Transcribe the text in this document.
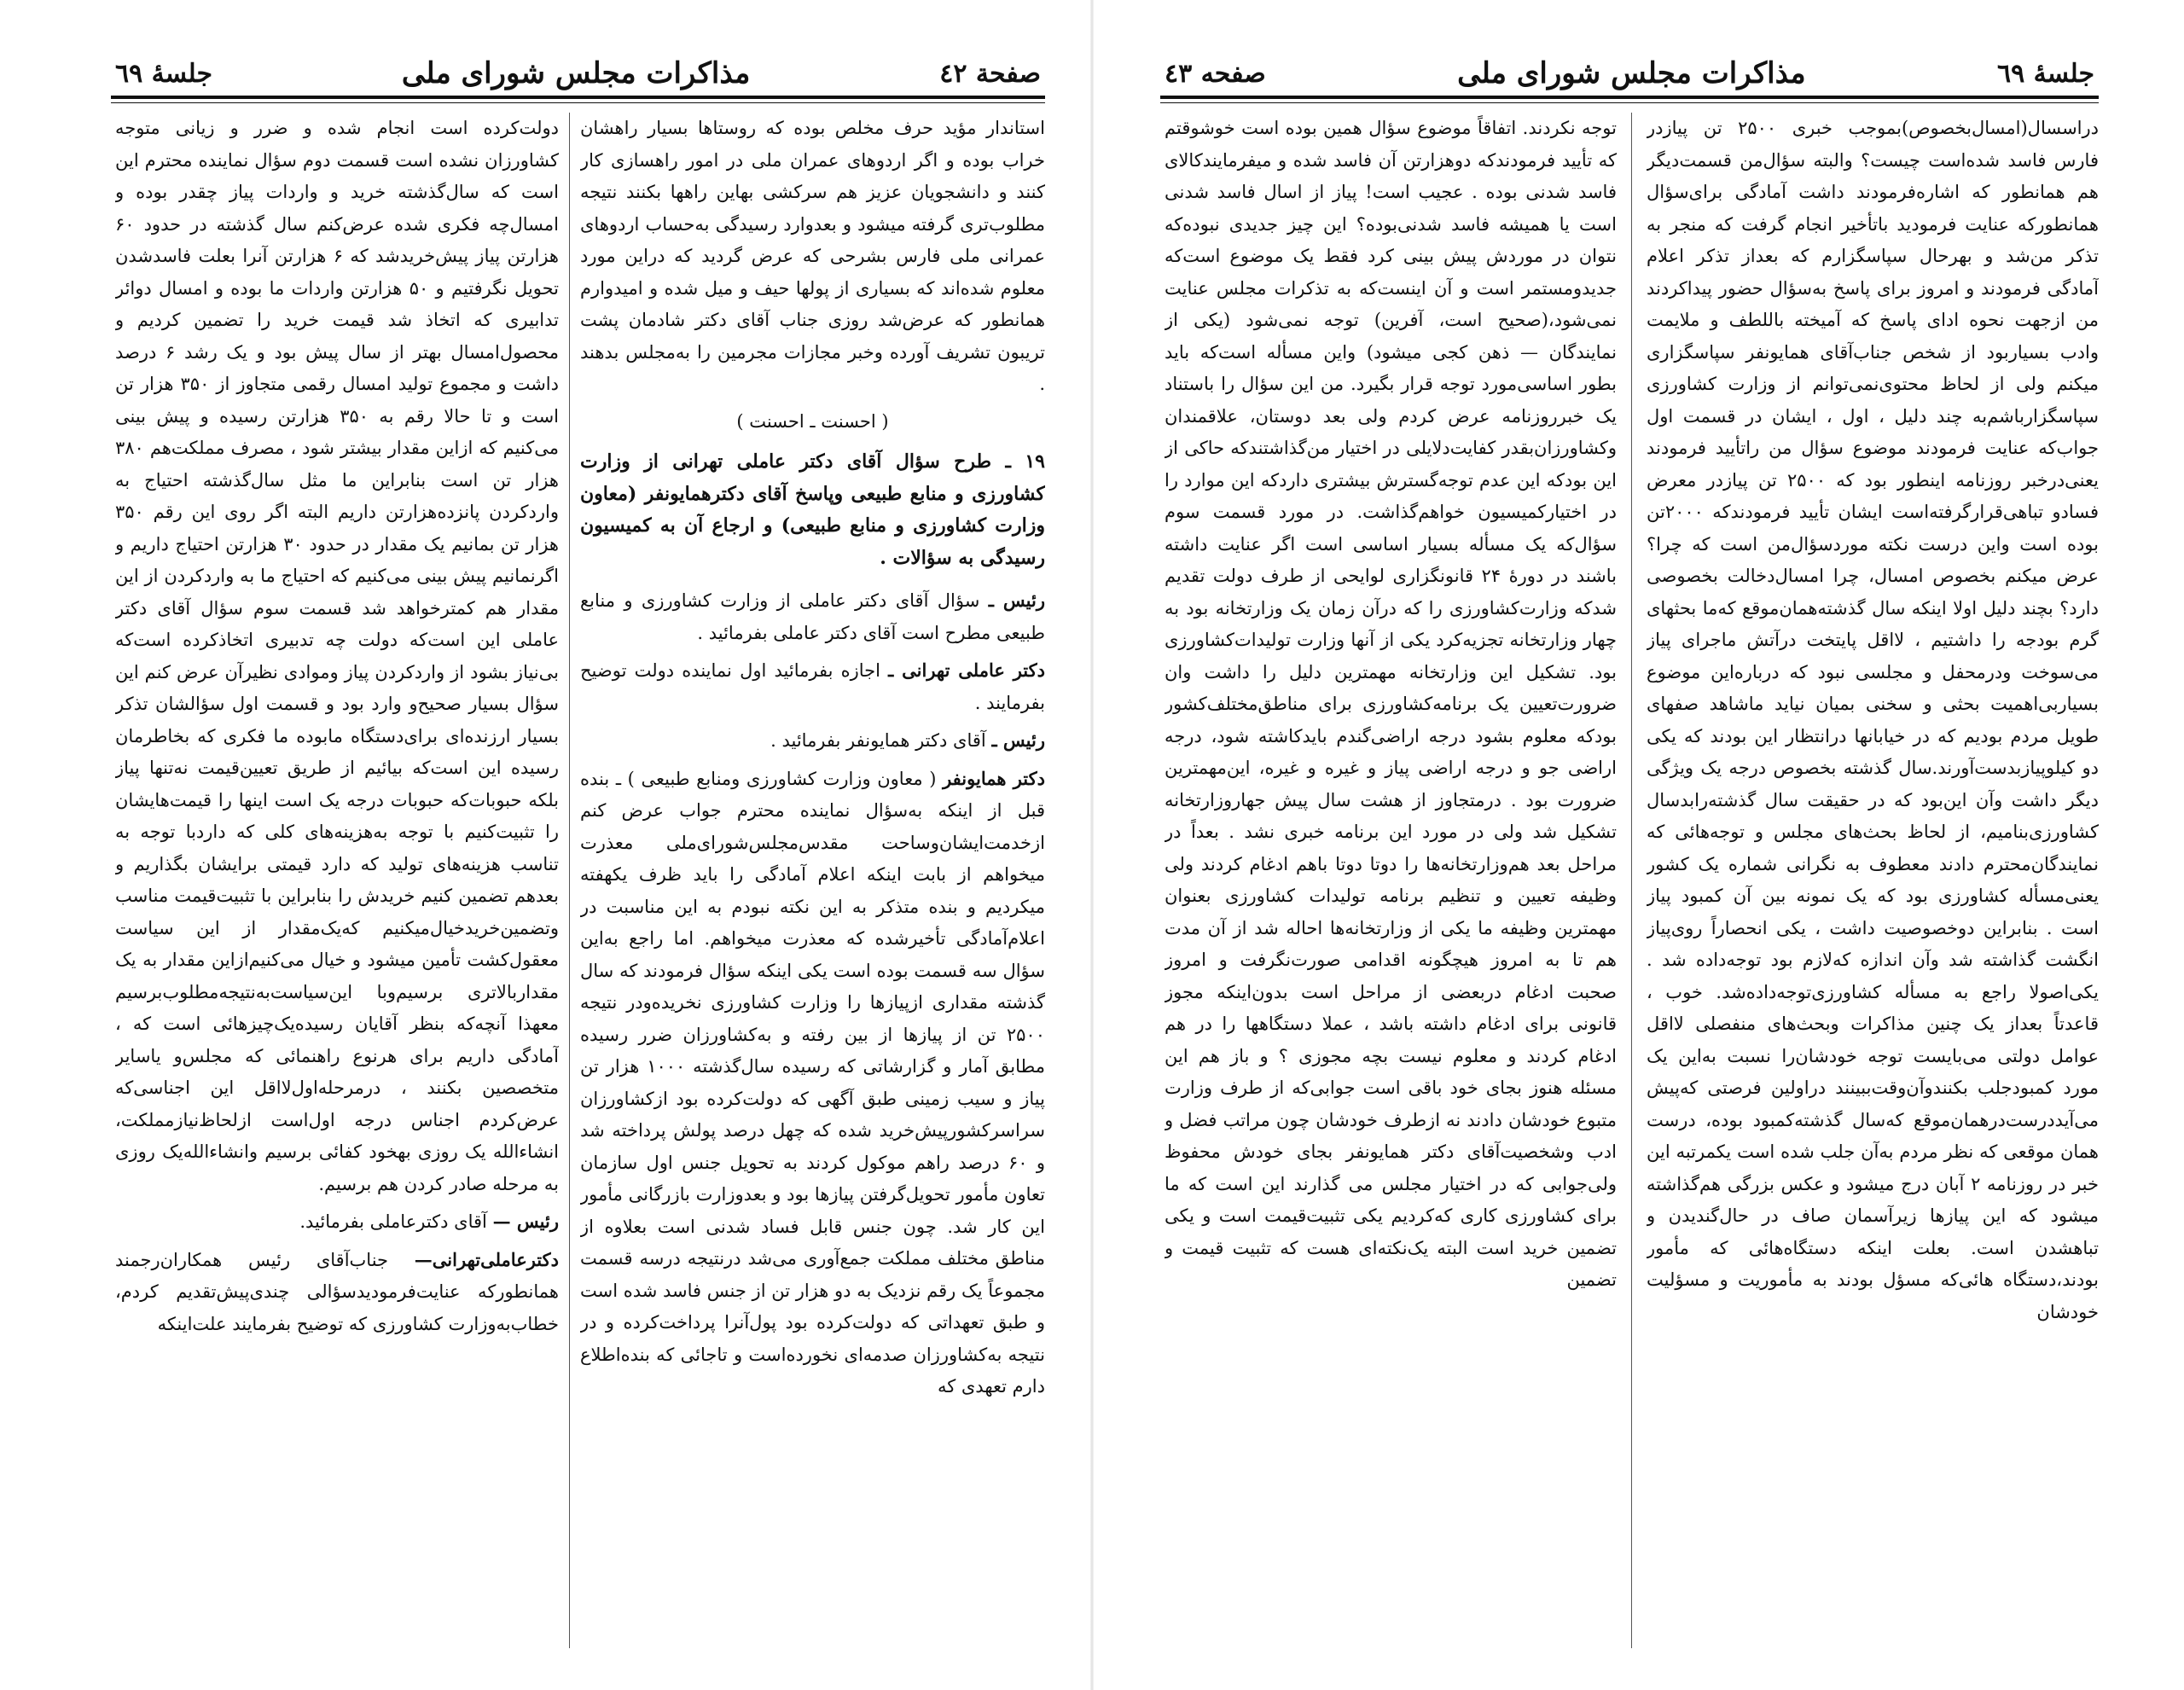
صفحة ٤٢
مذاکرات مجلس شورای ملی
جلسهٔ ٦٩

استاندار مؤید حرف مخلص بوده که روستاها بسیار راهشان خراب بوده و اگر اردوهای عمران ملی در امور راهسازی کار کنند و دانشجویان عزیز هم سرکشی بهاین راهها بکنند نتیجه مطلوب‌تری گرفته میشود و بعدوارد رسیدگی به‌حساب اردوهای عمرانی ملی فارس بشرحی که عرض گردید که دراین مورد معلوم شده‌اند که بسیاری از پولها حیف و میل شده و امیدوارم همانطور که عرض‌شد روزی جناب آقای دکتر شادمان پشت تریبون تشریف آورده وخبر مجازات مجرمین را به‌مجلس بدهند .

( احسنت ـ احسنت )

۱۹ ـ طرح سؤال آقای دکتر عاملی تهرانی از وزارت کشاورزی و منابع طبیعی وپاسخ آقای دکترهمایونفر (معاون وزارت کشاورزی و منابع طبیعی) و ارجاع آن به کمیسیون رسیدگی به سؤالات .

رئیس ـ سؤال آقای دکتر عاملی از وزارت کشاورزی و منابع طبیعی مطرح است آقای دکتر عاملی بفرمائید .

دکتر عاملی تهرانی ـ اجازه بفرمائید اول نماینده دولت توضیح بفرمایند .

رئیس ـ آقای دکتر همایونفر بفرمائید .

دکتر همایونفر ( معاون وزارت کشاورزی ومنابع طبیعی ) ـ بنده قبل از اینکه به‌سؤال نماینده محترم جواب عرض کنم ازخدمت‌ایشان‌وساحت مقدس‌مجلس‌شورای‌ملی معذرت میخواهم از بابت اینکه اعلام آمادگی را باید ظرف یکهفته میکردیم و بنده متذکر به این نکته نبودم به این مناسبت در اعلام‌آمادگی تأخیرشده که معذرت میخواهم. اما راجع به‌این سؤال سه قسمت بوده است یکی اینکه سؤال فرمودند که سال گذشته مقداری ازپیازها را وزارت کشاورزی نخریده‌ودر نتیجه ۲۵۰۰ تن از پیازها از بین رفته و به‌کشاورزان ضرر رسیده مطابق آمار و گزارشاتی که رسیده سال‌گذشته ۱۰۰۰ هزار تن پیاز و سیب زمینی طبق آگهی که دولت‌کرده بود ازکشاورزان سراسرکشورپیش‌خرید شده که چهل درصد پولش پرداخته شد و ۶۰ درصد راهم موکول کردند به تحویل جنس اول سازمان تعاون مأمور تحویل‌گرفتن پیازها بود و بعدوزارت بازرگانی مأمور این کار شد. چون جنس قابل فساد شدنی است بعلاوه از مناطق مختلف مملکت جمع‌آوری می‌شد درنتیجه درسه قسمت مجموعاً یک رقم نزدیک به دو هزار تن از جنس فاسد شده است و طبق تعهداتی که دولت‌کرده بود پول‌آنرا پرداخت‌کرده و در نتیجه به‌کشاورزان صدمه‌ای نخورده‌است و تاجائی که بنده‌اطلاع دارم تعهدی که

دولت‌کرده است انجام شده و ضرر و زیانی متوجه کشاورزان نشده است قسمت دوم سؤال نماینده محترم این است که سال‌گذشته خرید و واردات پیاز چقدر بوده و امسال‌چه فکری شده عرض‌کنم سال گذشته در حدود ۶۰ هزارتن پیاز پیش‌خرید‌شد که ۶ هزارتن آنرا بعلت فاسدشدن تحویل نگرفتیم و ۵۰ هزارتن واردات ما بوده و امسال دوائر تدابیری که اتخاذ شد قیمت خرید را تضمین کردیم و محصول‌امسال بهتر از سال پیش بود و یک رشد ۶ درصد داشت و مجموع تولید امسال رقمی متجاوز از ۳۵۰ هزار تن است و تا حالا رقم به ۳۵۰ هزارتن رسیده و پیش بینی می‌کنیم که ازاین مقدار بیشتر شود ، مصرف مملکت‌هم ۳۸۰ هزار تن است بنابراین ما مثل سال‌گذشته احتیاج به واردکردن پانزده‌هزارتن داریم البته اگر روی این رقم ۳۵۰ هزار تن بمانیم یک مقدار در حدود ۳۰ هزارتن احتیاج داریم و اگرنمانیم پیش بینی می‌کنیم که احتیاج ما به واردکردن از این مقدار هم کمترخواهد شد قسمت سوم سؤال آقای دکتر عاملی این است‌که دولت چه تدبیری اتخاذ‌کرده است‌که بی‌نیاز بشود از واردکردن پیاز وموادی نظیرآن عرض کنم این سؤال بسیار صحیح‌و وارد بود و قسمت اول سؤالشان تذکر بسیار ارزنده‌ای برای‌دستگاه مابوده ما فکری که بخاطرمان رسیده این است‌که بیائیم از طریق تعیین‌قیمت نه‌تنها پیاز بلکه حبوبات‌که حبوبات درجه یک است اینها را قیمت‌هایشان را تثبیت‌کنیم با توجه به‌هزینه‌های کلی که داردبا توجه به تناسب هزینه‌های تولید که دارد قیمتی برایشان بگذاریم و بعدهم تضمین کنیم خریدش را بنابراین با تثبیت‌قیمت مناسب وتضمین‌خریدخیال‌میکنیم که‌یک‌مقدار از این سیاست معقول‌کشت تأمین میشود و خیال می‌کنیم‌ازاین مقدار به یک مقداربالاتری برسیم‌وبا این‌سیاست‌به‌نتیجه‌مطلوب‌برسیم معهذا آنچه‌که بنظر آقایان رسیده‌یک‌چیزهائی است که ، آمادگی داریم برای هرنوع راهنمائی که مجلس‌و یاسایر متخصصین بکنند ، درمرحله‌اول‌لااقل این اجناسی‌که عرض‌کردم اجناس درجه اول‌است ازلحاظ‌نیاز‌مملکت، انشاءالله یک روزی بهخود کفائی برسیم وانشاءالله‌یک روزی به مرحله صادر کردن هم برسیم.

رئیس — آقای دکترعاملی بفرمائید.

دکترعاملی‌تهرانی— جناب‌آقای رئیس همکاران‌رجمند همانطور‌که عنایت‌فرمودیدسؤالی چندی‌پیش‌تقدیم کردم، خطاب‌به‌وزارت کشاورزی که توضیح بفرمایند علت‌اینکه

جلسهٔ ٦٩
مذاکرات مجلس شورای ملی
صفحه ٤٣

دراسسال(امسال‌بخصوص)بموجب خبری ۲۵۰۰ تن پیازدر فارس فاسد شده‌است چیست؟ والبته سؤال‌من قسمت‌دیگر هم همانطور که اشاره‌فرمودند داشت آمادگی برای‌سؤال همانطور‌که عنایت فرمودید باتأخیر انجام گرفت که منجر به تذکر من‌شد و بهرحال سپاسگزارم که بعداز تذکر اعلام آمادگی فرمودند و امروز برای پاسخ به‌سؤال حضور پیداکردند من ازجهت نحوه ادای پاسخ که آمیخته باللطف و ملایمت وادب بسیاربود از شخص جناب‌آقای همایونفر سپاسگزاری میکنم ولی از لحاظ محتوی‌نمی‌توانم از وزارت کشاورزی سپاسگزارباشم‌به چند دلیل ، اول ، ایشان در قسمت اول جواب‌که عنایت فرمودند موضوع سؤال من را‌تأیید فرمودند یعنی‌درخبر روزنامه اینطور بود که ۲۵۰۰ تن پیازدر معرض فسادو تباهی‌قرارگرفته‌است ایشان تأیید فرمودند‌که ۲۰۰۰تن بوده است واین درست نکته موردسؤال‌من است که چرا؟ عرض میکنم بخصوص امسال، چرا امسال‌دخالت بخصوصی دارد؟ بچند دلیل اولا اینکه سال گذشته‌همان‌موقع که‌ما بحثهای گرم بودجه را داشتیم ، لااقل پایتخت درآتش ماجرای پیاز می‌سوخت ودرمحفل و مجلسی نبود که درباره‌این موضوع بسیاربی‌اهمیت بحثی و سخنی بمیان نیاید ماشاهد صفهای طویل مردم بودیم که در خیابانها درانتظار این بودند که یکی دو کیلوپیازبدست‌آورند.سال گذشته بخصوص درجه یک ویژگی دیگر داشت وآن این‌بود که در حقیقت سال گذشته‌رابدسال کشاورزی‌بنامیم، از لحاظ بحث‌های مجلس و توجه‌هائی که نمایندگان‌محترم دادند معطوف به نگرانی شماره یک کشور یعنی‌مسأله کشاورزی بود که یک نمونه بین آن کمبود پیاز است . بنابراین دوخصوصیت داشت ، یکی انحصاراً روی‌پیاز انگشت گذاشته شد وآن اندازه که‌لازم بود توجه‌داده شد . یکی‌اصولا راجع به مسأله کشاورزی‌توجه‌داده‌شد. خوب ، قاعدتاً بعداز یک چنین مذاکرات وبحث‌های منفصلی لااقل عوامل دولتی می‌بایست توجه خودشان‌را نسبت به‌این یک مورد کمبودجلب بکنندوآن‌وقت‌ببینند دراولین فرصتی که‌پیش می‌آیددرست‌درهمان‌موقع که‌سال گذشته‌کمبود بوده، درست همان موقعی که نظر مردم به‌آن جلب شده است یکمرتبه این خبر در روزنامه ۲ آبان درج میشود و عکس بزرگی هم‌گذاشته میشود که این پیازها زیرآسمان صاف در حال‌گندیدن و تباهشدن است. بعلت اینکه دستگاه‌هائی که مأمور بودند،دستگاه هائی‌که مسؤل بودند به مأموریت و مسؤلیت خودشان

توجه نکردند. اتفاقاً موضوع سؤال همین بوده است خوشوقتم که تأیید فرمودند‌که دوهزارتن آن فاسد شده و میفرمایند‌کالای فاسد شدنی بوده . عجیب است! پیاز از اسال فاسد شدنی است یا همیشه فاسد شدنی‌بوده؟ این چیز جدیدی نبوده‌که نتوان در موردش پیش بینی کرد فقط یک موضوع است‌که جدیدومستمر است و آن اینست‌که به تذکرات مجلس عنایت نمی‌شود،(صحیح است، آفرین) توجه نمی‌شود (یکی از نمایندگان — ذهن کجی میشود) واین مسأله است‌که باید بطور اساسی‌مورد توجه قرار بگیرد. من این سؤال را باستناد یک خبرروزنامه عرض کردم ولی بعد دوستان، علاقمندان وکشاورزان‌بقدر کفایت‌دلایلی در اختیار من‌گذاشتند‌که حاکی از این بود‌که این عدم توجه‌گسترش بیشتری داردکه این موارد را در اختیار‌کمیسیون خواهم‌گذاشت. در مورد قسمت سوم سؤال‌که یک مسأله بسیار اساسی است اگر عنایت داشته باشند در دورهٔ ۲۴ قانونگزاری لوایحی از طرف دولت تقدیم شد‌که وزارت‌کشاورزی را که در‌آن زمان یک وزارتخانه بود به چهار وزارتخانه تجزیه‌کرد یکی از آنها وزارت تولیدات‌کشاورزی بود. تشکیل این وزارتخانه مهمترین دلیل را داشت وان ضرورت‌تعیین یک برنامه‌کشاورزی برای مناطق‌مختلف‌کشور بود‌که معلوم بشود درجه اراضی‌گندم بایدکاشته شود، درجه اراضی جو و درجه اراضی پیاز و غیره و غیره، این‌مهمترین ضرورت بود . درمتجاوز از هشت سال پیش جهاروزارتخانه تشکیل شد ولی در مورد این برنامه خبری نشد . بعداً در مراحل بعد هم‌وزارتخانه‌ها را دوتا دوتا باهم ادغام کردند ولی وظیفه تعیین و تنظیم برنامه تولیدات کشاورزی بعنوان مهمترین وظیفه ما یکی از وزارتخانه‌ها احاله شد از آن مدت هم تا به امروز هیچگونه اقدامی صورت‌نگرفت و امروز صحبت ادغام دربعضی از مراحل است بدون‌اینکه مجوز قانونی برای ادغام داشته باشد ، عملا دستگاهها را در هم ادغام کردند و معلوم نیست بچه مجوزی ؟ و باز هم این مسئله هنوز بجای خود باقی است جوابی‌که از طرف وزارت متبوع خودشان دادند نه ازطرف خودشان چون مراتب فضل و ادب وشخصیت‌آقای دکتر همایونفر بجای خودش محفوظ ولی‌جوابی که در اختیار مجلس می گذارند این است که ما برای کشاورزی کاری که‌کردیم یکی تثبیت‌قیمت است و یکی تضمین خرید است البته یک‌نکته‌ای هست که تثبیت قیمت و تضمین
